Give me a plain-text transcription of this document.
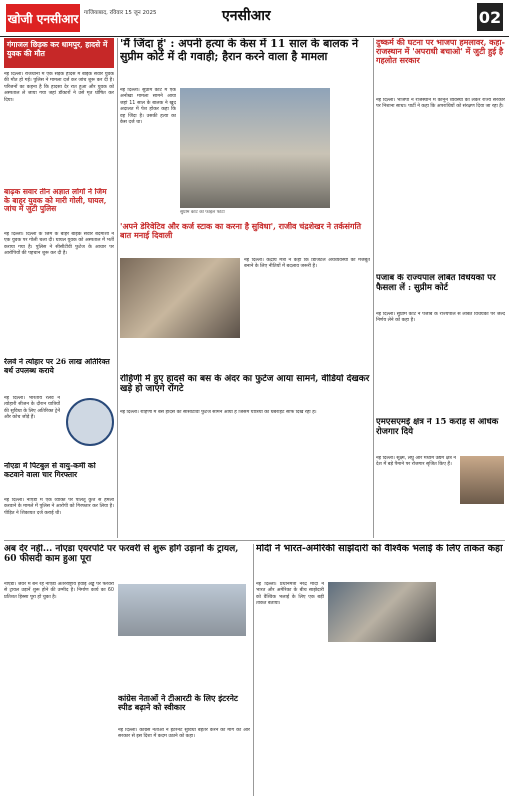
खोजी एनसीआर गाजियाबाद, रविवार 15 जून 2025	एनसीआर	02
गंगाजल छिड़क कर धामपुर, हादसे में युवक की मौत
नई दिल्ली। राजधानी में एक सड़क हादसे में बाइक सवार युवक की मौत हो गई। पुलिस ने मामला दर्ज कर जांच शुरू कर दी है। परिजनों का कहना है कि हादसा देर रात हुआ और युवक को अस्पताल ले जाया गया जहां डॉक्टरों ने उसे मृत घोषित कर दिया।
बाढ़क सवार तीन अज्ञात लोगों ने जिम के बाहर युवक को मारी गोली, घायल, जांच में जुटी पुलिस
नई दिल्ली। दिल्ली के जिम के बाहर बाइक सवार बदमाशों ने एक युवक पर गोली चला दी। घायल युवक को अस्पताल में भर्ती कराया गया है। पुलिस ने सीसीटीवी फुटेज के आधार पर आरोपियों की पहचान शुरू कर दी है।
रेलवे ने त्योहार पर 26 लाख अतिरिक्त बर्थ उपलब्ध कराये
नई दिल्ली। भारतीय रेलवे ने त्योहारी सीजन के दौरान यात्रियों की सुविधा के लिए अतिरिक्त ट्रेनें और कोच जोड़े हैं।
नोएडा में पिटबुल से वायु-कर्मी को कटवाने वाला चार गिरफ्तार
नई दिल्ली। नोएडा में एक व्यक्ति पर पालतू कुत्ते से हमला करवाने के मामले में पुलिस ने आरोपी को गिरफ्तार कर लिया है। पीड़ित ने शिकायत दर्ज कराई थी।
'मैं जिंदा हूं' : अपनी हत्या के केस में 11 साल के बालक ने सुप्रीम कोर्ट में दी गवाही; हैरान करने वाला है मामला
सुप्रीम कोर्ट की फाइल फोटो
नई दिल्ली। सुप्रीम कोर्ट में एक अनोखा मामला सामने आया जहां 11 साल के बालक ने खुद अदालत में पेश होकर कहा कि वह जिंदा है। उसकी हत्या का केस दर्ज था।
'अपने डेरिवेटिव और कर्ज स्टाक का करना है सुविधा', राजीव चंद्रशेखर ने तर्कसंगति बात मनाई दिवाली
नई दिल्ली। केंद्रीय मंत्री ने कहा कि डिजिटल अर्थव्यवस्था को मजबूत बनाने के लिए नीतियों में बदलाव जरूरी है।
रोहिणी में हुए हादसे का बस के अंदर का फुटेज आया सामने, वीडियो देखकर खड़े हो जाएंगे रोंगटे
नई दिल्ली। रोहिणी में बस हादसे का सीसीटीवी फुटेज सामने आया है जिसमें यात्रियों की घबराहट साफ दिख रही है।
दुष्कर्म की घटना पर भाजपा हमलावर, कहा- राजस्थान में 'अपराधी बचाओ' में जुटी हुई है गहलोत सरकार
नई दिल्ली। भाजपा ने राजस्थान में कानून व्यवस्था को लेकर राज्य सरकार पर निशाना साधा। पार्टी ने कहा कि अपराधियों को संरक्षण दिया जा रहा है।
पंजाब के राज्यपाल लंबित विधेयकों पर फैसला लें : सुप्रीम कोर्ट
नई दिल्ली। सुप्रीम कोर्ट ने पंजाब के राज्यपाल से लंबित विधेयकों पर जल्द निर्णय लेने को कहा है।
एमएसएमई क्षेत्र ने 15 करोड़ से अधिक रोजगार दिये
नई दिल्ली। सूक्ष्म, लघु और मध्यम उद्यम क्षेत्र ने देश में बड़े पैमाने पर रोजगार सृजित किए हैं।
अब देर नहीं... नोएडा एयरपोर्ट पर फरवरी से शुरू होंगे उड़ानों के ट्रायल, 60 फीसदी काम हुआ पूरा
नोएडा। जेवर में बन रहे नोएडा अंतरराष्ट्रीय हवाई अड्डे पर फरवरी से ट्रायल उड़ानें शुरू होने की उम्मीद है। निर्माण कार्य का 60 प्रतिशत हिस्सा पूरा हो चुका है।
कांग्रेस नेताओं ने टीआरटी के लिए इंटरनेट स्पीड बढ़ाने को स्वीकार
नई दिल्ली। कांग्रेस नेताओं ने इंटरनेट सुविधा बेहतर करने की मांग की और सरकार से इस दिशा में कदम उठाने को कहा।
मोदी ने भारत-अमेरिकी साझेदारी को वैश्विक भलाई के लिए ताकत कहा
नई दिल्ली। प्रधानमंत्री नरेंद्र मोदी ने भारत और अमेरिका के बीच साझेदारी को वैश्विक भलाई के लिए एक बड़ी ताकत बताया।
